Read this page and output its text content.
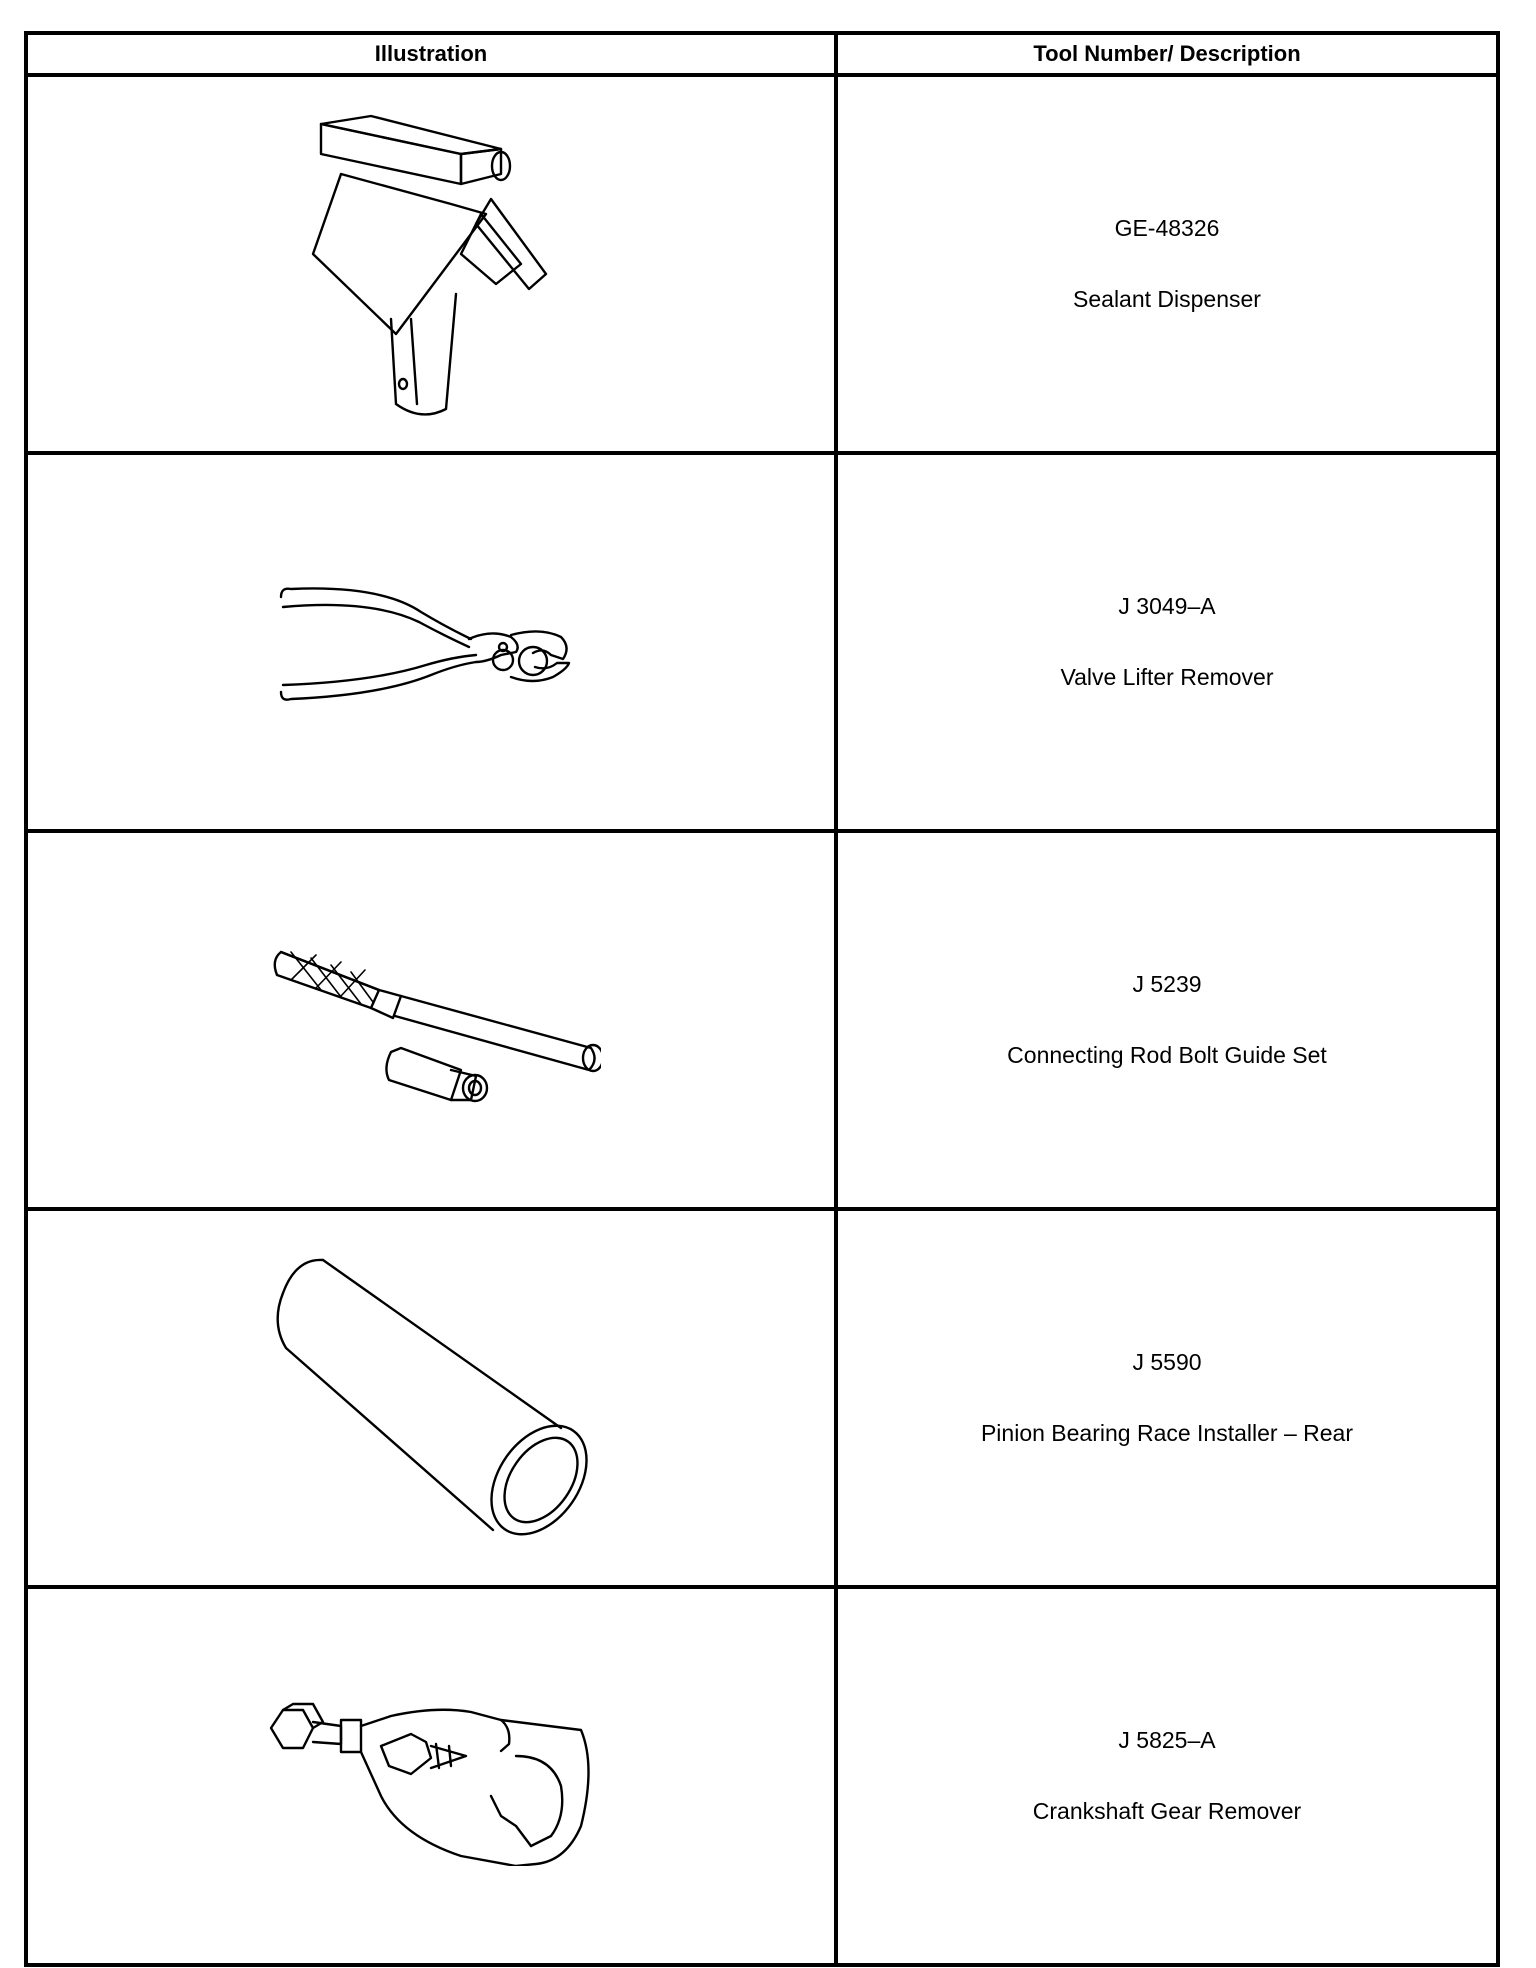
Illustration	Tool Number/ Description

GE-48326
Sealant Dispenser

J 3049–A
Valve Lifter Remover

J 5239
Connecting Rod Bolt Guide Set

J 5590
Pinion Bearing Race Installer – Rear

J 5825–A
Crankshaft Gear Remover
